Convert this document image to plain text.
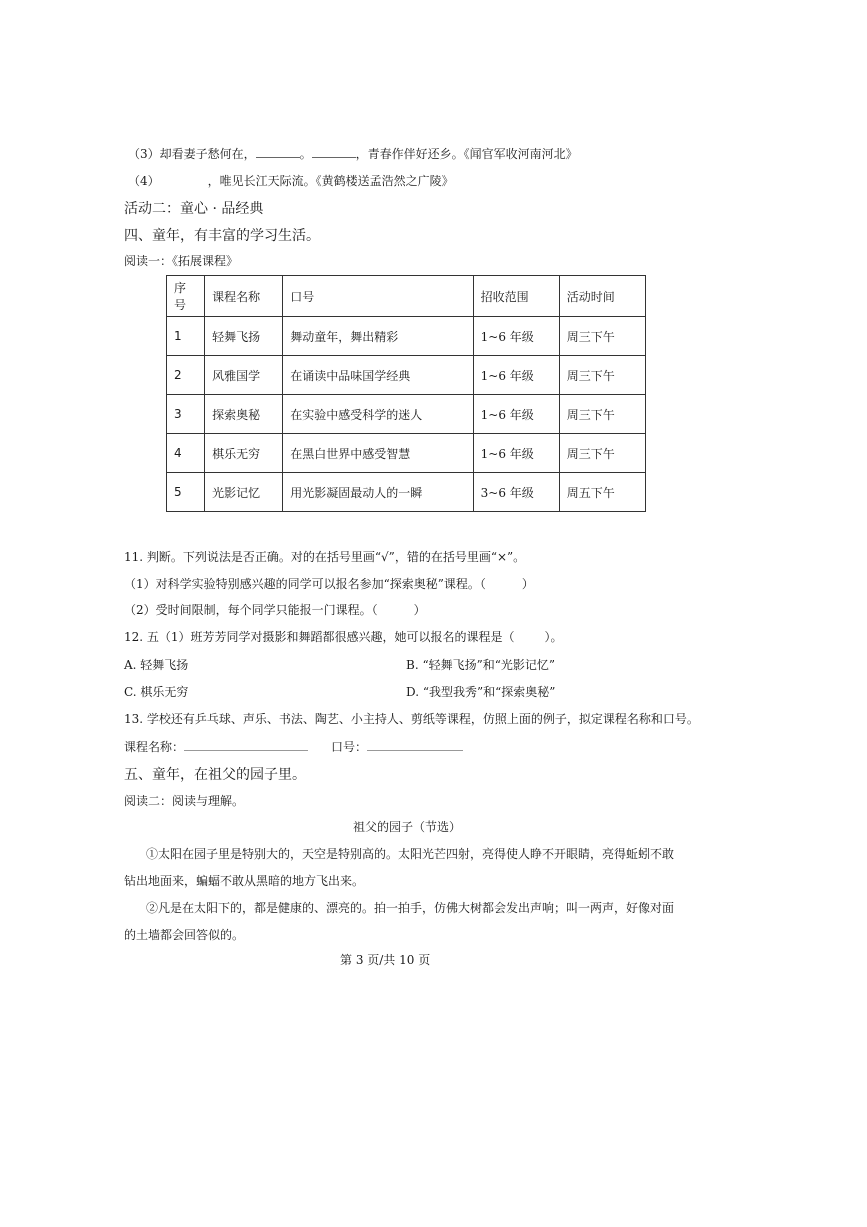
（3）却看妻子愁何在，	。	，青春作伴好还乡。《闻官军收河南河北》
（4）	，唯见长江天际流。《黄鹤楼送孟浩然之广陵》
活动二：童心 · 品经典
四、童年，有丰富的学习生活。
阅读一：《拓展课程》
序号	课程名称	口号	招收范围	活动时间
1	轻舞飞扬	舞动童年，舞出精彩	1~6 年级	周三下午
2	风雅国学	在诵读中品味国学经典	1~6 年级	周三下午
3	探索奥秘	在实验中感受科学的迷人	1~6 年级	周三下午
4	棋乐无穷	在黑白世界中感受智慧	1~6 年级	周三下午
5	光影记忆	用光影凝固最动人的一瞬	3~6 年级	周五下午
11. 判断。下列说法是否正确。对的在括号里画“√”，错的在括号里画“×”。
（1）对科学实验特别感兴趣的同学可以报名参加“探索奥秘”课程。（	）
（2）受时间限制，每个同学只能报一门课程。（	）
12. 五（1）班芳芳同学对摄影和舞蹈都很感兴趣，她可以报名的课程是（	）。
A. 轻舞飞扬	B. “轻舞飞扬”和“光影记忆”
C. 棋乐无穷	D. “我型我秀”和“探索奥秘”
13. 学校还有乒乓球、声乐、书法、陶艺、小主持人、剪纸等课程，仿照上面的例子，拟定课程名称和口号。
课程名称：	口号：
五、童年，在祖父的园子里。
阅读二：阅读与理解。
祖父的园子（节选）
①太阳在园子里是特别大的，天空是特别高的。太阳光芒四射，亮得使人睁不开眼睛，亮得蚯蚓不敢
钻出地面来，蝙蝠不敢从黑暗的地方飞出来。
②凡是在太阳下的，都是健康的、漂亮的。拍一拍手，仿佛大树都会发出声响；叫一两声，好像对面
的土墙都会回答似的。
第 3 页/共 10 页
